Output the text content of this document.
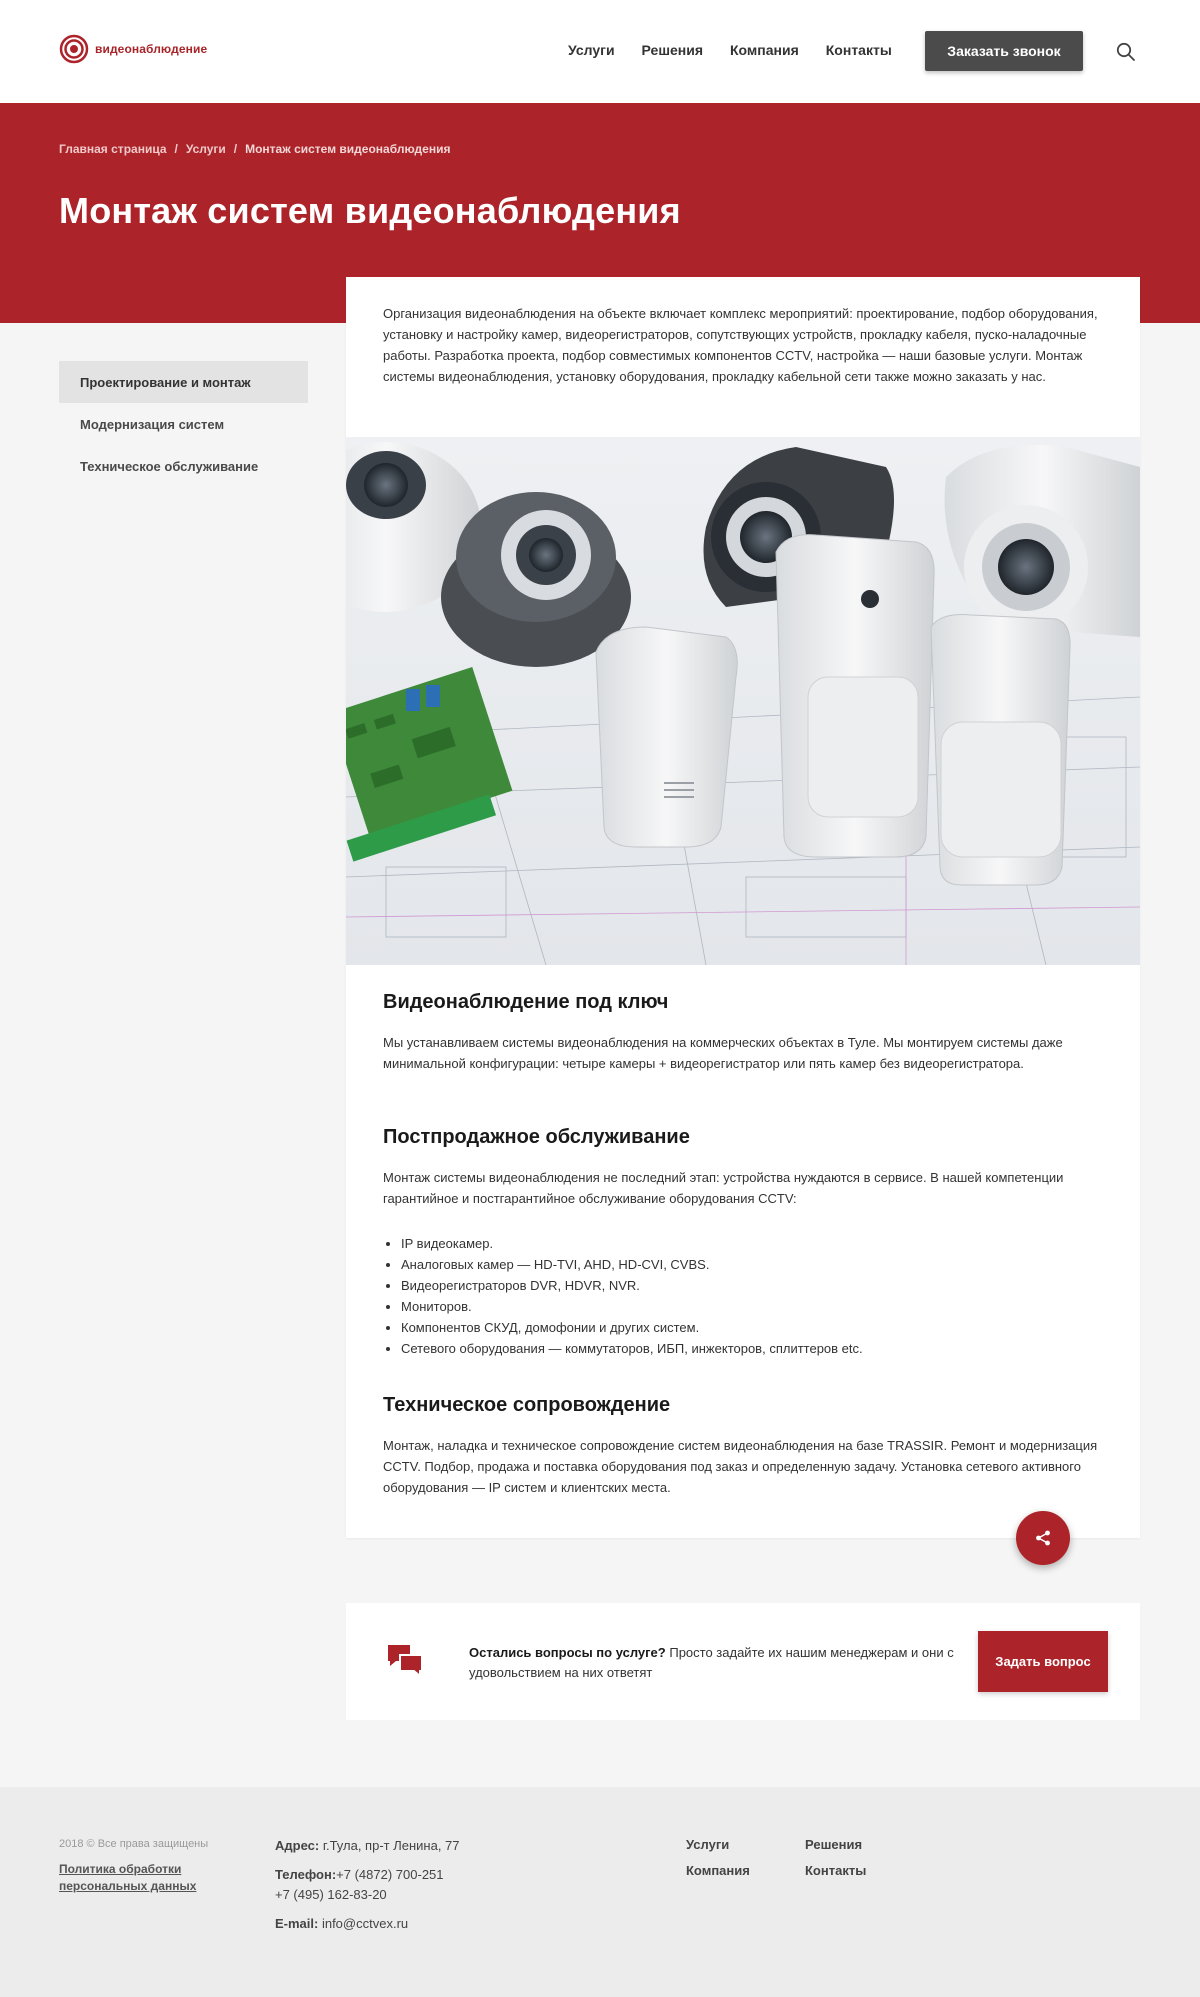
видеонаблюдение	Услуги Решения Компания Контакты	Заказать звонок
Главная страница / Услуги / Монтаж систем видеонаблюдения
Монтаж систем видеонаблюдения
Проектирование и монтаж
Модернизация систем
Техническое обслуживание

Организация видеонаблюдения на объекте включает комплекс мероприятий: проектирование, подбор оборудования, установку и настройку камер, видеорегистраторов, сопутствующих устройств, прокладку кабеля, пуско-наладочные работы. Разработка проекта, подбор совместимых компонентов CCTV, настройка — наши базовые услуги. Монтаж системы видеонаблюдения, установку оборудования, прокладку кабельной сети также можно заказать у нас.

Видеонаблюдение под ключ

Мы устанавливаем системы видеонаблюдения на коммерческих объектах в Туле. Мы монтируем системы даже минимальной конфигурации: четыре камеры + видеорегистратор или пять камер без видеорегистратора.

Постпродажное обслуживание

Монтаж системы видеонаблюдения не последний этап: устройства нуждаются в сервисе. В нашей компетенции гарантийное и постгарантийное обслуживание оборудования CCTV:

• IP видеокамер.
• Аналоговых камер — HD-TVI, AHD, HD-CVI, CVBS.
• Видеорегистраторов DVR, HDVR, NVR.
• Мониторов.
• Компонентов СКУД, домофонии и других систем.
• Сетевого оборудования — коммутаторов, ИБП, инжекторов, сплиттеров etc.
Техническое сопровождение

Монтаж, наладка и техническое сопровождение систем видеонаблюдения на базе TRASSIR. Ремонт и модернизация CCTV. Подбор, продажа и поставка оборудования под заказ и определенную задачу. Установка сетевого активного оборудования — IP систем и клиентских места.

Остались вопросы по услуге? Просто задайте их нашим менеджерам и они с удовольствием на них ответят
Задать вопрос
2018 © Все права защищены
Политика обработки персональных данных
Адрес: г.Тула, пр-т Ленина, 77
Телефон:+7 (4872) 700-251
+7 (495) 162-83-20
E-mail: info@cctvex.ru
Услуги	Решения
Компания	Контакты
